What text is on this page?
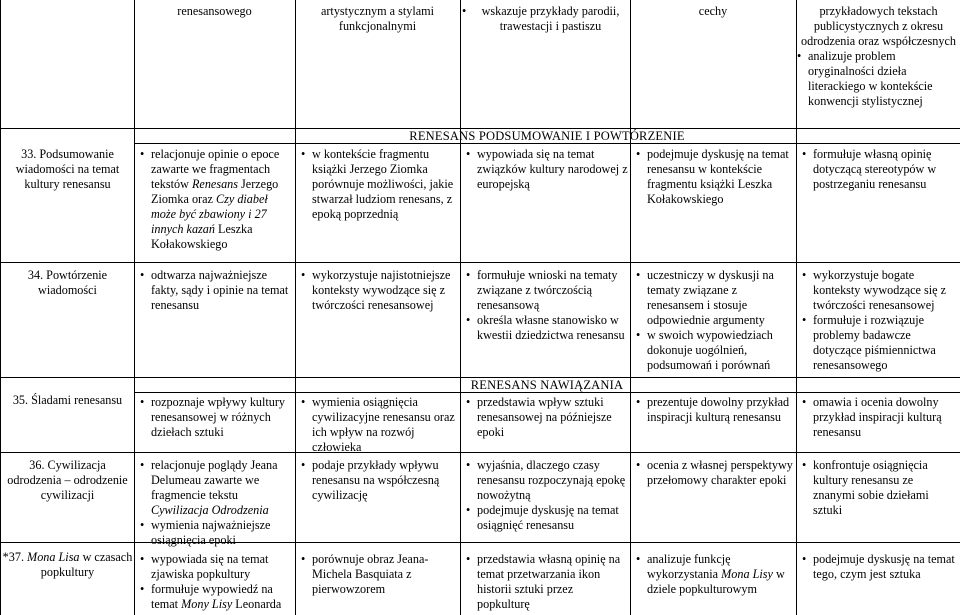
renesansowego	artystycznym a stylami funkcjonalnymi
• wskazuje przykłady parodii, trawestacji i pastiszu
cechy	przykładowych tekstach publicystycznych z okresu odrodzenia oraz współczesnych
• analizuje problem oryginalności dzieła literackiego w kontekście konwencji stylistycznej
RENESANS PODSUMOWANIE I POWTÓRZENIE
RENESANS NAWIĄZANIA
33. Podsumowanie wiadomości na temat kultury renesansu
34. Powtórzenie wiadomości
35. Śladami renesansu
36. Cywilizacja odrodzenia – odrodzenie cywilizacji
*37. Mona Lisa w czasach popkultury
• relacjonuje opinie o epoce zawarte we fragmentach tekstów Renesans Jerzego Ziomka oraz Czy diabeł może być zbawiony i 27 innych kazań Leszka Kołakowskiego
• w kontekście fragmentu książki Jerzego Ziomka porównuje możliwości, jakie stwarzał ludziom renesans, z epoką poprzednią
• wypowiada się na temat związków kultury narodowej z europejską
• podejmuje dyskusję na temat renesansu w kontekście fragmentu książki Leszka Kołakowskiego
• formułuje własną opinię dotyczącą stereotypów w postrzeganiu renesansu
• odtwarza najważniejsze fakty, sądy i opinie na temat renesansu
• wykorzystuje najistotniejsze konteksty wywodzące się z twórczości renesansowej
• formułuje wnioski na tematy związane z twórczością renesansową
• określa własne stanowisko w kwestii dziedzictwa renesansu
• uczestniczy w dyskusji na tematy związane z renesansem i stosuje odpowiednie argumenty
• w swoich wypowiedziach dokonuje uogólnień, podsumowań i porównań
• wykorzystuje bogate konteksty wywodzące się z twórczości renesansowej
• formułuje i rozwiązuje problemy badawcze dotyczące piśmiennictwa renesansowego
• rozpoznaje wpływy kultury renesansowej w różnych dziełach sztuki
• wymienia osiągnięcia cywilizacyjne renesansu oraz ich wpływ na rozwój człowieka
• przedstawia wpływ sztuki renesansowej na późniejsze epoki
• prezentuje dowolny przykład inspiracji kulturą renesansu
• omawia i ocenia dowolny przykład inspiracji kulturą renesansu
• relacjonuje poglądy Jeana Delumeau zawarte we fragmencie tekstu Cywilizacja Odrodzenia
• wymienia najważniejsze osiągnięcia epoki
• podaje przykłady wpływu renesansu na współczesną cywilizację
• wyjaśnia, dlaczego czasy renesansu rozpoczynają epokę nowożytną
• podejmuje dyskusję na temat osiągnięć renesansu
• ocenia z własnej perspektywy przełomowy charakter epoki
• konfrontuje osiągnięcia kultury renesansu ze znanymi sobie dziełami sztuki
• wypowiada się na temat zjawiska popkultury
• formułuje wypowiedź na temat Mony Lisy Leonarda
• porównuje obraz Jeana-Michela Basquiata z pierwowzorem
• przedstawia własną opinię na temat przetwarzania ikon historii sztuki przez popkulturę
• analizuje funkcję wykorzystania Mona Lisy w dziele popkulturowym
• podejmuje dyskusję na temat tego, czym jest sztuka
